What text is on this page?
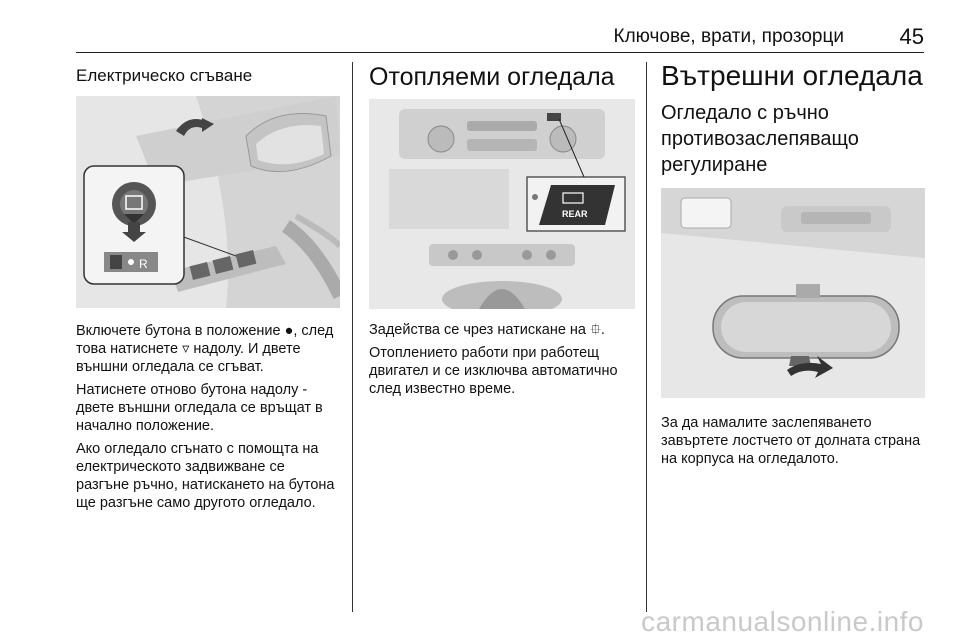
Ключове, врати, прозорци	45
Електрическо сгъване
R

Включете бутона в положение ●, след това натиснете ▿ надолу. И двете външни огледала се сгъват.

Натиснете отново бутона надолу - двете външни огледала се връщат в начално положение.

Ако огледало сгънато с помощта на електрическото задвижване се разгъне ръчно, натискането на бутона ще разгъне само другото огледало.

Отопляеми огледала
REAR

Задейства се чрез натискане на ⯐.

Отоплението работи при работещ двигател и се изключва автоматично след известно време.

Вътрешни огледала
Огледало с ръчно противозаслепяващо регулиране

За да намалите заслепяването завъртете лостчето от долната страна на корпуса на огледалото.

carmanualsonline.info
